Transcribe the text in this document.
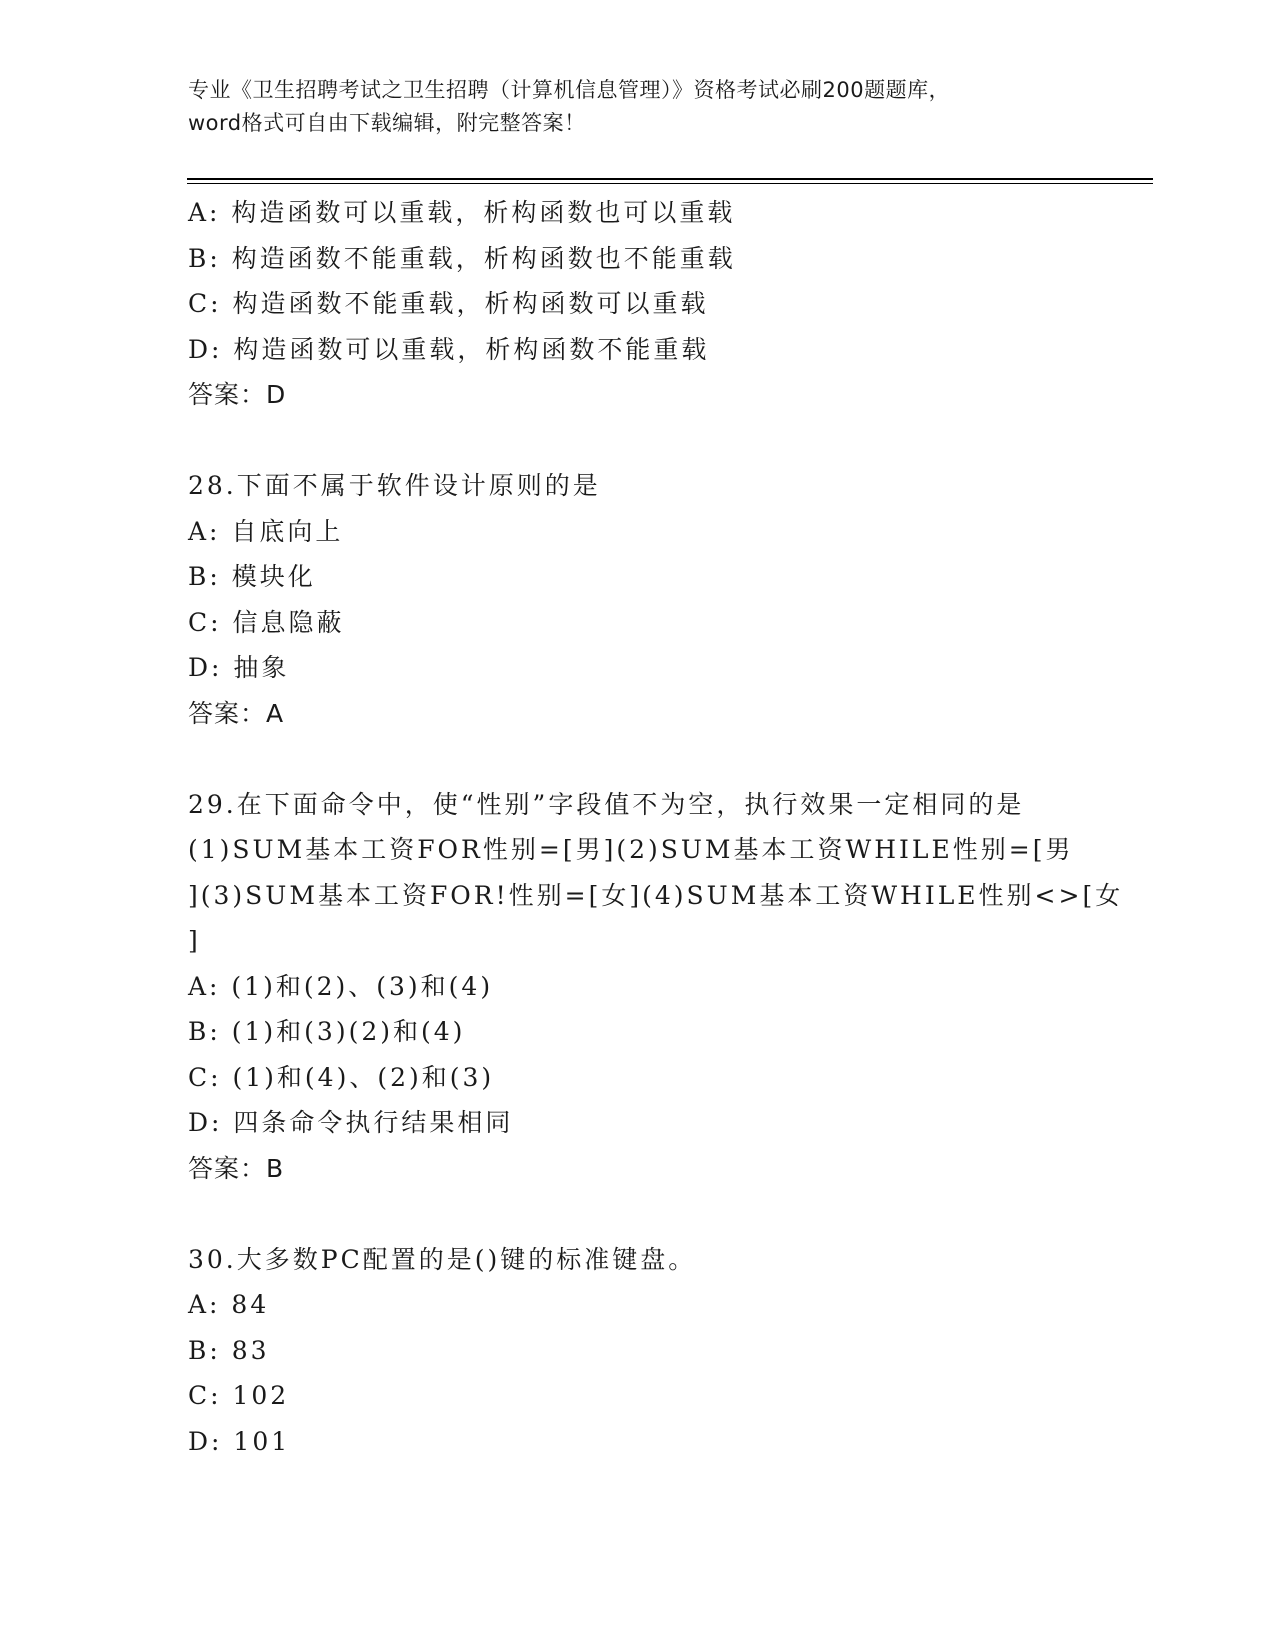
专业《卫生招聘考试之卫生招聘（计算机信息管理）》资格考试必刷200题题库，
word格式可自由下载编辑，附完整答案！
A: 构造函数可以重载，析构函数也可以重载
B: 构造函数不能重载，析构函数也不能重载
C: 构造函数不能重载，析构函数可以重载
D: 构造函数可以重载，析构函数不能重载
答案：D
28.下面不属于软件设计原则的是
A: 自底向上
B: 模块化
C: 信息隐蔽
D: 抽象
答案：A
29.在下面命令中，使“性别”字段值不为空，执行效果一定相同的是
(1)SUM基本工资FOR性别=[男](2)SUM基本工资WHILE性别=[男
](3)SUM基本工资FOR!性别=[女](4)SUM基本工资WHILE性别<>[女
]
A: (1)和(2)、(3)和(4)
B: (1)和(3)(2)和(4)
C: (1)和(4)、(2)和(3)
D: 四条命令执行结果相同
答案：B
30.大多数PC配置的是()键的标准键盘。
A: 84
B: 83
C: 102
D: 101
